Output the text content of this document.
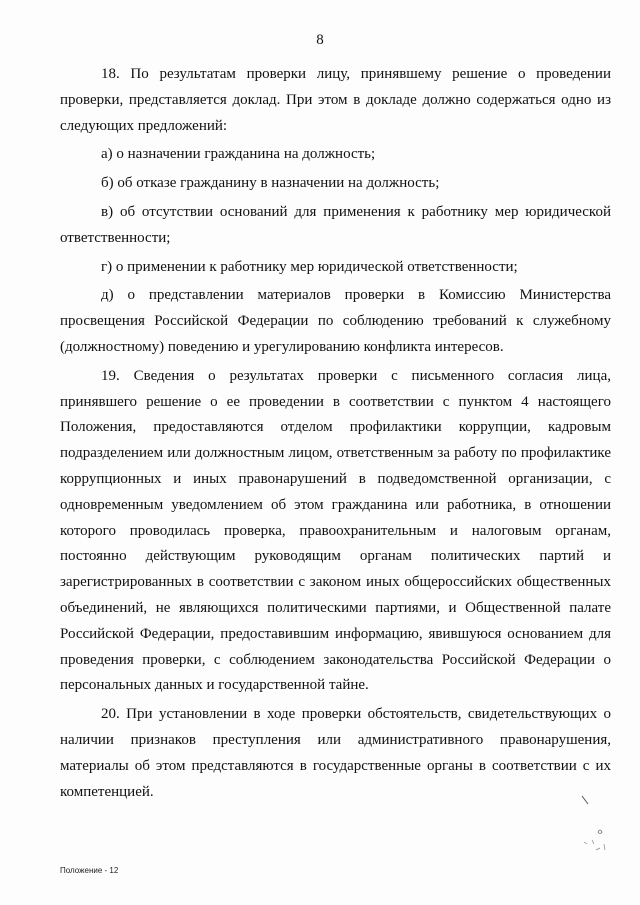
8

18. По результатам проверки лицу, принявшему решение о проведении проверки, представляется доклад. При этом в докладе должно содержаться одно из следующих предложений:

а) о назначении гражданина на должность;

б) об отказе гражданину в назначении на должность;

в) об отсутствии оснований для применения к работнику мер юридической ответственности;

г) о применении к работнику мер юридической ответственности;

д) о представлении материалов проверки в Комиссию Министерства просвещения Российской Федерации по соблюдению требований к служебному (должностному) поведению и урегулированию конфликта интересов.

19. Сведения о результатах проверки с письменного согласия лица, принявшего решение о ее проведении в соответствии с пунктом 4 настоящего Положения, предоставляются отделом профилактики коррупции, кадровым подразделением или должностным лицом, ответственным за работу по профилактике коррупционных и иных правонарушений в подведомственной организации, с одновременным уведомлением об этом гражданина или работника, в отношении которого проводилась проверка, правоохранительным и налоговым органам, постоянно действующим руководящим органам политических партий и зарегистрированных в соответствии с законом иных общероссийских общественных объединений, не являющихся политическими партиями, и Общественной палате Российской Федерации, предоставившим информацию, явившуюся основанием для проведения проверки, с соблюдением законодательства Российской Федерации о персональных данных и государственной тайне.

20. При установлении в ходе проверки обстоятельств, свидетельствующих о наличии признаков преступления или административного правонарушения, материалы об этом представляются в государственные органы в соответствии с их компетенцией.

Положение - 12
